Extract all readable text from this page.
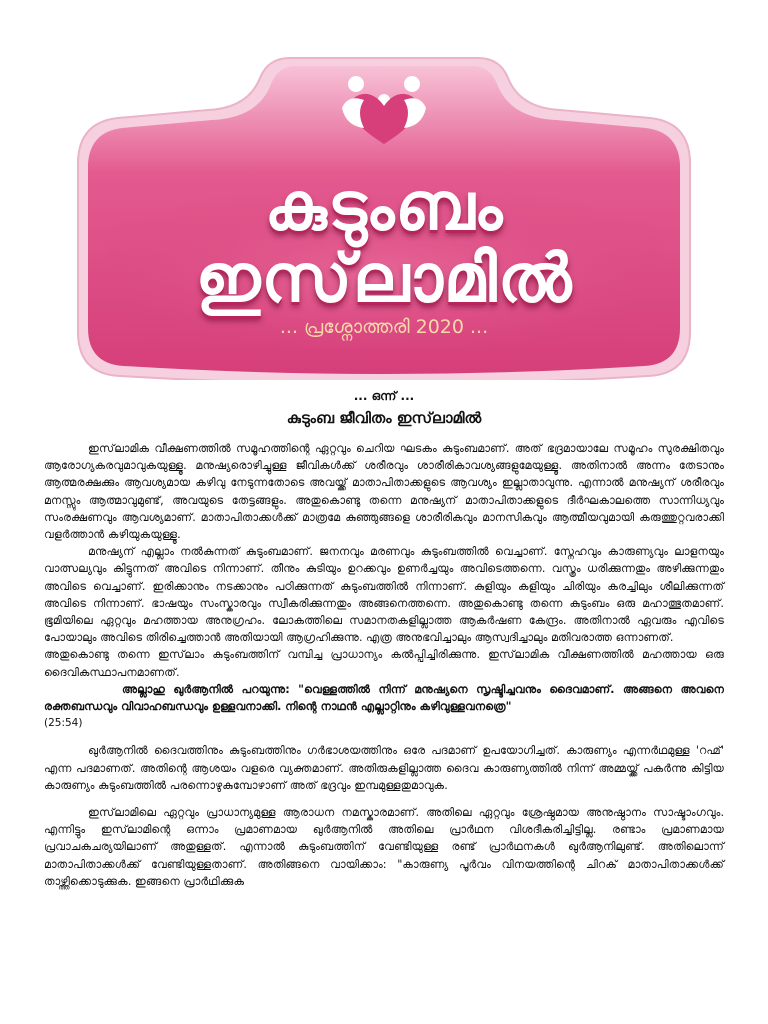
കുടുംബം
ഇസ്‌ലാമിൽ
... പ്രശ്നോത്തരി 2020 ...
... ഒന്ന് ...
കുടുംബ ജീവിതം ഇസ്‌ലാമിൽ

ഇസ്‌ലാമിക വീക്ഷണത്തിൽ സമൂഹത്തിന്റെ ഏറ്റവും ചെറിയ ഘടകം കുടുംബമാണ്. അത് ഭദ്രമായാലേ സമൂഹം സുരക്ഷിതവും ആരോഗ്യകരവുമാവുകയുള്ളൂ. മനുഷ്യരൊഴിച്ചുള്ള ജീവികൾക്ക് ശരീരവും ശാരീരികാവശ്യങ്ങളുമേയുള്ളൂ. അതിനാൽ അന്നം തേടാനും ആത്മരക്ഷക്കും ആവശ്യമായ കഴിവു നേടുന്നതോടെ അവയ്ക്ക് മാതാപിതാക്കളുടെ ആവശ്യം ഇല്ലാതാവുന്നു. എന്നാൽ മനുഷ്യന് ശരീരവും മനസ്സും ആത്മാവുമുണ്ട്, അവയുടെ തേട്ടങ്ങളും. അതുകൊണ്ടു തന്നെ മനുഷ്യന് മാതാപിതാക്കളുടെ ദീർഘകാലത്തെ സാന്നിധ്യവും സംരക്ഷണവും ആവശ്യമാണ്. മാതാപിതാക്കൾക്ക് മാത്രമേ കുഞ്ഞുങ്ങളെ ശാരീരികവും മാനസികവും ആത്മീയവുമായി കരുത്തുറ്റവരാക്കി വളർത്താൻ കഴിയുകയുള്ളൂ.

മനുഷ്യന് എല്ലാം നൽകുന്നത് കുടുംബമാണ്. ജനനവും മരണവും കുടുംബത്തിൽ വെച്ചാണ്. സ്നേഹവും കാരുണ്യവും ലാളനയും വാത്സല്യവും കിട്ടുന്നത് അവിടെ നിന്നാണ്. തീനും കുടിയും ഉറക്കവും ഉണർച്ചയും അവിടെത്തന്നെ. വസ്ത്രം ധരിക്കുന്നതും അഴിക്കുന്നതും അവിടെ വെച്ചാണ്. ഇരിക്കാനും നടക്കാനും പഠിക്കുന്നത് കുടുംബത്തിൽ നിന്നാണ്. കുളിയും കളിയും ചിരിയും കരച്ചിലും ശീലിക്കുന്നത് അവിടെ നിന്നാണ്. ഭാഷയും സംസ്കാരവും സ്വീകരിക്കുന്നതും അങ്ങനെത്തന്നെ. അതുകൊണ്ടു തന്നെ കുടുംബം ഒരു മഹാത്ഭുതമാണ്. ഭൂമിയിലെ ഏറ്റവും മഹത്തായ അനുഗ്രഹം. ലോകത്തിലെ സമാനതകളില്ലാത്ത ആകർഷണ കേന്ദ്രം. അതിനാൽ ഏവരും എവിടെ പോയാലും അവിടെ തിരിച്ചെത്താൻ അതിയായി ആഗ്രഹിക്കുന്നു. എത്ര അനുഭവിച്ചാലും ആസ്വദിച്ചാലും മതിവരാത്ത ഒന്നാണത്.

അതുകൊണ്ടു തന്നെ ഇസ്‌ലാം കുടുംബത്തിന് വമ്പിച്ച പ്രാധാന്യം കൽപ്പിച്ചിരിക്കുന്നു. ഇസ്‌ലാമിക വീക്ഷണത്തിൽ മഹത്തായ ഒരു ദൈവികസ്ഥാപനമാണത്.

അല്ലാഹു ഖുർആനിൽ പറയുന്നു: "വെള്ളത്തിൽ നിന്ന് മനുഷ്യനെ സൃഷ്ടിച്ചവനും ദൈവമാണ്. അങ്ങനെ അവനെ രക്തബന്ധവും വിവാഹബന്ധവും ഉള്ളവനാക്കി. നിന്റെ നാഥൻ എല്ലാറ്റിനും കഴിവുള്ളവനത്രെ"

(25:54)

ഖുർആനിൽ ദൈവത്തിനും കുടുംബത്തിനും ഗർഭാശയത്തിനും ഒരേ പദമാണ് ഉപയോഗിച്ചത്. കാരുണ്യം എന്നർഥമുള്ള 'റഹ്മ്' എന്ന പദമാണത്. അതിന്റെ ആശയം വളരെ വ്യക്തമാണ്. അതിരുകളില്ലാത്ത ദൈവ കാരുണ്യത്തിൽ നിന്ന് അമ്മയ്ക്ക് പകർന്നു കിട്ടിയ കാരുണ്യം കുടുംബത്തിൽ പരന്നൊഴുകുമ്പോഴാണ് അത് ഭദ്രവും ഇമ്പമുള്ളതുമാവുക.

ഇസ്‌ലാമിലെ ഏറ്റവും പ്രാധാന്യമുള്ള ആരാധന നമസ്കാരമാണ്. അതിലെ ഏറ്റവും ശ്രേഷ്ഠമായ അനുഷ്ഠാനം സാഷ്ടാംഗവും. എന്നിട്ടും ഇസ്‌ലാമിന്റെ ഒന്നാം പ്രമാണമായ ഖുർആനിൽ അതിലെ പ്രാർഥന വിശദീകരിച്ചിട്ടില്ല. രണ്ടാം പ്രമാണമായ പ്രവാചകചര്യയിലാണ് അതുള്ളത്. എന്നാൽ കുടുംബത്തിന് വേണ്ടിയുള്ള രണ്ട് പ്രാർഥനകൾ ഖുർആനിലുണ്ട്. അതിലൊന്ന് മാതാപിതാക്കൾക്ക് വേണ്ടിയുള്ളതാണ്. അതിങ്ങനെ വായിക്കാം: "കാരുണ്യ പൂർവം വിനയത്തിന്റെ ചിറക് മാതാപിതാക്കൾക്ക് താഴ്ത്തിക്കൊടുക്കുക. ഇങ്ങനെ പ്രാർഥിക്കുക
